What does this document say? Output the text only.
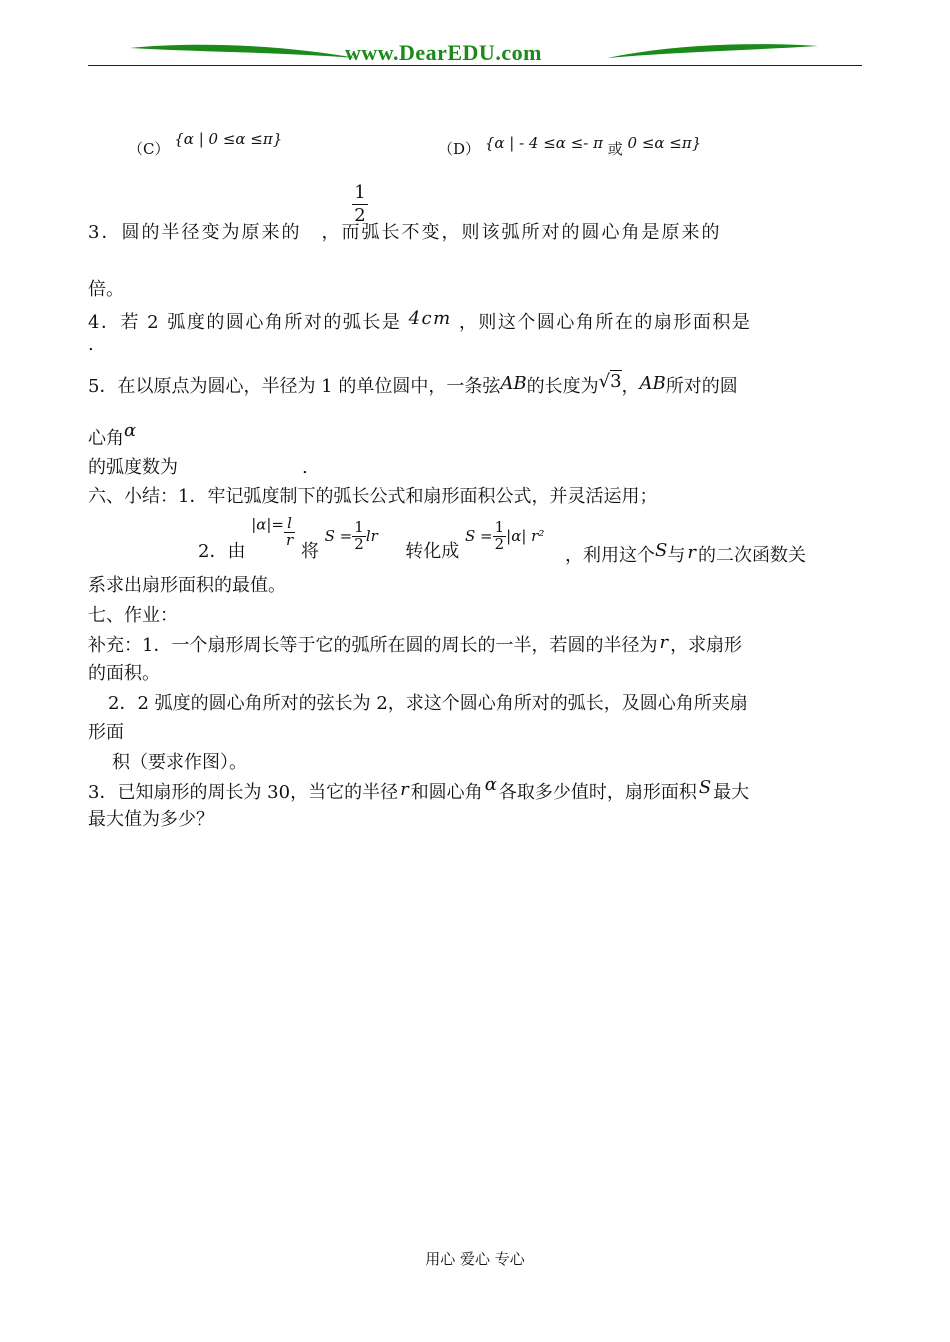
www.DearEDU.com
（C） {α | 0 ≤α ≤π}
（D） {α | - 4 ≤α ≤- π 或 0 ≤α ≤π}
$\frac{1}{2}$
3．圆的半径变为原来的 ，而弧长不变，则该弧所对的圆心角是原来的
倍。
4．若 2 弧度的圆心角所对的弧长是 4cm ，则这个圆心角所在的扇形面积是
.
5．在以原点为圆心，半径为 1 的单位圆中，一条弦AB的长度为√3，AB所对的圆
心角α
的弧度数为	.
六、小结：1．牢记弧度制下的弧长公式和扇形面积公式，并灵活运用；
2．由 $|\alpha|= \frac{l}{r}$
将 $_{S =} \frac{1}{2} _{lr}$  转化成 $_{S =} \frac{1}{2} _{|\alpha| r^2}$
，利用这个S与 r 的二次函数关
系求出扇形面积的最值。
七、作业：
补充：1．一个扇形周长等于它的弧所在圆的周长的一半，若圆的半径为 r ，求扇形
的面积。
2．2 弧度的圆心角所对的弦长为 2，求这个圆心角所对的弧长，及圆心角所夹扇
形面
积（要求作图）。
3．已知扇形的周长为 30，当它的半径 r 和圆心角 α 各取多少值时，扇形面积 S 最大
最大值为多少？
用心 爱心 专心
